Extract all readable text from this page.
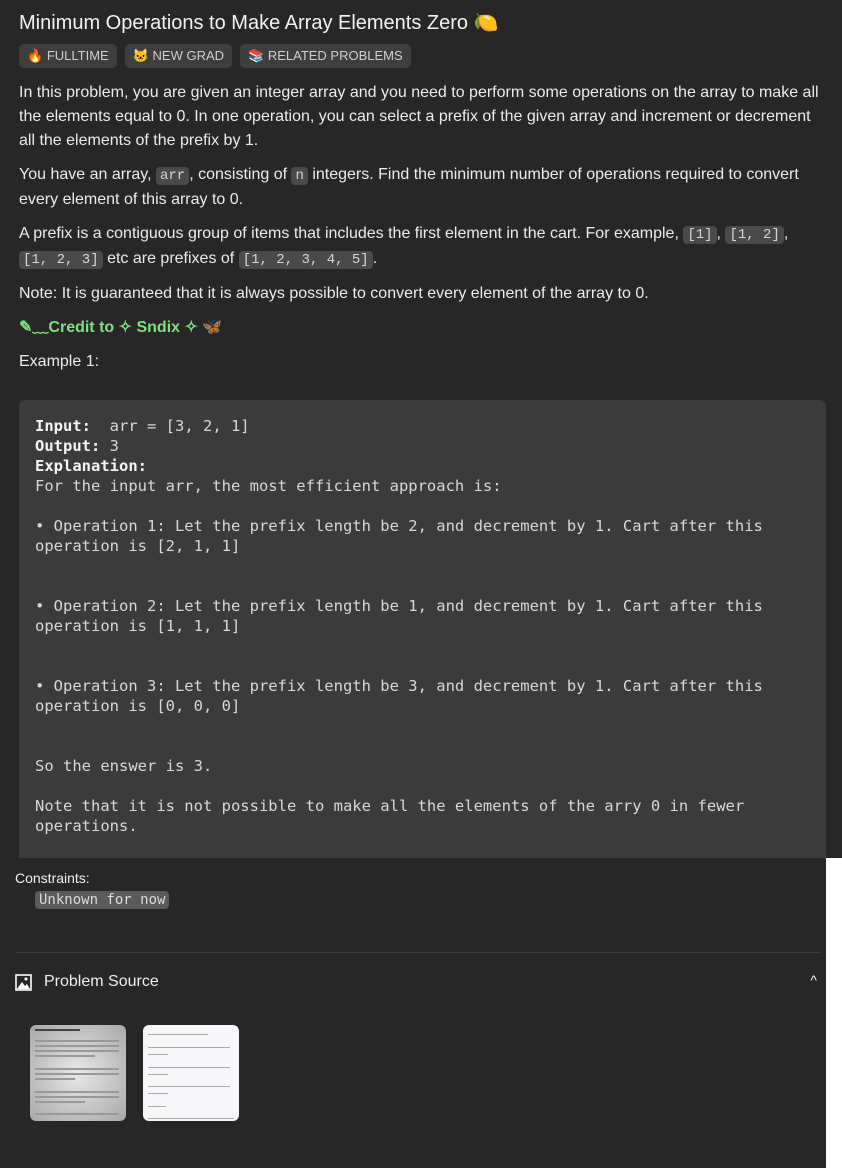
Minimum Operations to Make Array Elements Zero 🍋
🔥 FULLTIME	🐱 NEW GRAD	📚 RELATED PROBLEMS

In this problem, you are given an integer array and you need to perform some operations on the array to make all the elements equal to 0. In one operation, you can select a prefix of the given array and increment or decrement all the elements of the prefix by 1.

You have an array, arr , consisting of n integers. Find the minimum number of operations required to convert every element of this array to 0.

A prefix is a contiguous group of items that includes the first element in the cart. For example, [1] , [1, 2] , [1, 2, 3] etc are prefixes of [1, 2, 3, 4, 5] .

Note: It is guaranteed that it is always possible to convert every element of the array to 0.

✎﹏Credit to ✧ Sndix ✧ 🦋

Example 1:

Input:  arr = [3, 2, 1]
Output: 3
Explanation:
For the input arr, the most efficient approach is:

• Operation 1: Let the prefix length be 2, and decrement by 1. Cart after this operation is [2, 1, 1]

• Operation 2: Let the prefix length be 1, and decrement by 1. Cart after this operation is [1, 1, 1]

• Operation 3: Let the prefix length be 3, and decrement by 1. Cart after this operation is [0, 0, 0]

So the enswer is 3.

Note that it is not possible to make all the elements of the arry 0 in fewer operations.
Constraints:
Unknown for now
Problem Source	^
